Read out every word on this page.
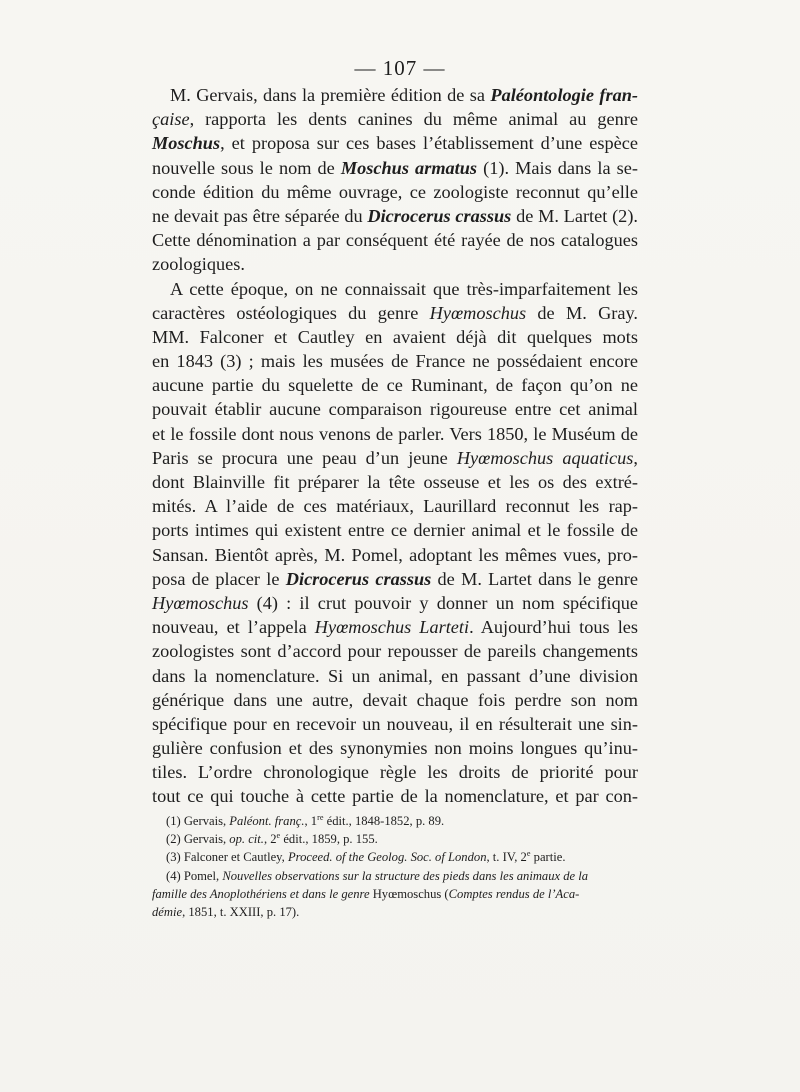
— 107 —
M. Gervais, dans la première édition de sa Paléontologie fran-
çaise, rapporta les dents canines du même animal au genre
Moschus, et proposa sur ces bases l’établissement d’une espèce
nouvelle sous le nom de Moschus armatus (1). Mais dans la se-
conde édition du même ouvrage, ce zoologiste reconnut qu’elle
ne devait pas être séparée du Dicrocerus crassus de M. Lartet (2).
Cette dénomination a par conséquent été rayée de nos catalogues
zoologiques.
A cette époque, on ne connaissait que très-imparfaitement les
caractères ostéologiques du genre Hyœmoschus de M. Gray.
MM. Falconer et Cautley en avaient déjà dit quelques mots
en 1843 (3) ; mais les musées de France ne possédaient encore
aucune partie du squelette de ce Ruminant, de façon qu’on ne
pouvait établir aucune comparaison rigoureuse entre cet animal
et le fossile dont nous venons de parler. Vers 1850, le Muséum de
Paris se procura une peau d’un jeune Hyœmoschus aquaticus,
dont Blainville fit préparer la tête osseuse et les os des extré-
mités. A l’aide de ces matériaux, Laurillard reconnut les rap-
ports intimes qui existent entre ce dernier animal et le fossile de
Sansan. Bientôt après, M. Pomel, adoptant les mêmes vues, pro-
posa de placer le Dicrocerus crassus de M. Lartet dans le genre
Hyœmoschus (4) : il crut pouvoir y donner un nom spécifique
nouveau, et l’appela Hyœmoschus Larteti. Aujourd’hui tous les
zoologistes sont d’accord pour repousser de pareils changements
dans la nomenclature. Si un animal, en passant d’une division
générique dans une autre, devait chaque fois perdre son nom
spécifique pour en recevoir un nouveau, il en résulterait une sin-
gulière confusion et des synonymies non moins longues qu’inu-
tiles. L’ordre chronologique règle les droits de priorité pour
tout ce qui touche à cette partie de la nomenclature, et par con-
(1) Gervais, Paléont. franç., 1re édit., 1848-1852, p. 89.
(2) Gervais, op. cit., 2e édit., 1859, p. 155.
(3) Falconer et Cautley, Proceed. of the Geolog. Soc. of London, t. IV, 2e partie.
(4) Pomel, Nouvelles observations sur la structure des pieds dans les animaux de la
famille des Anoplothériens et dans le genre Hyœmoschus (Comptes rendus de l’Aca-
démie, 1851, t. XXIII, p. 17).
